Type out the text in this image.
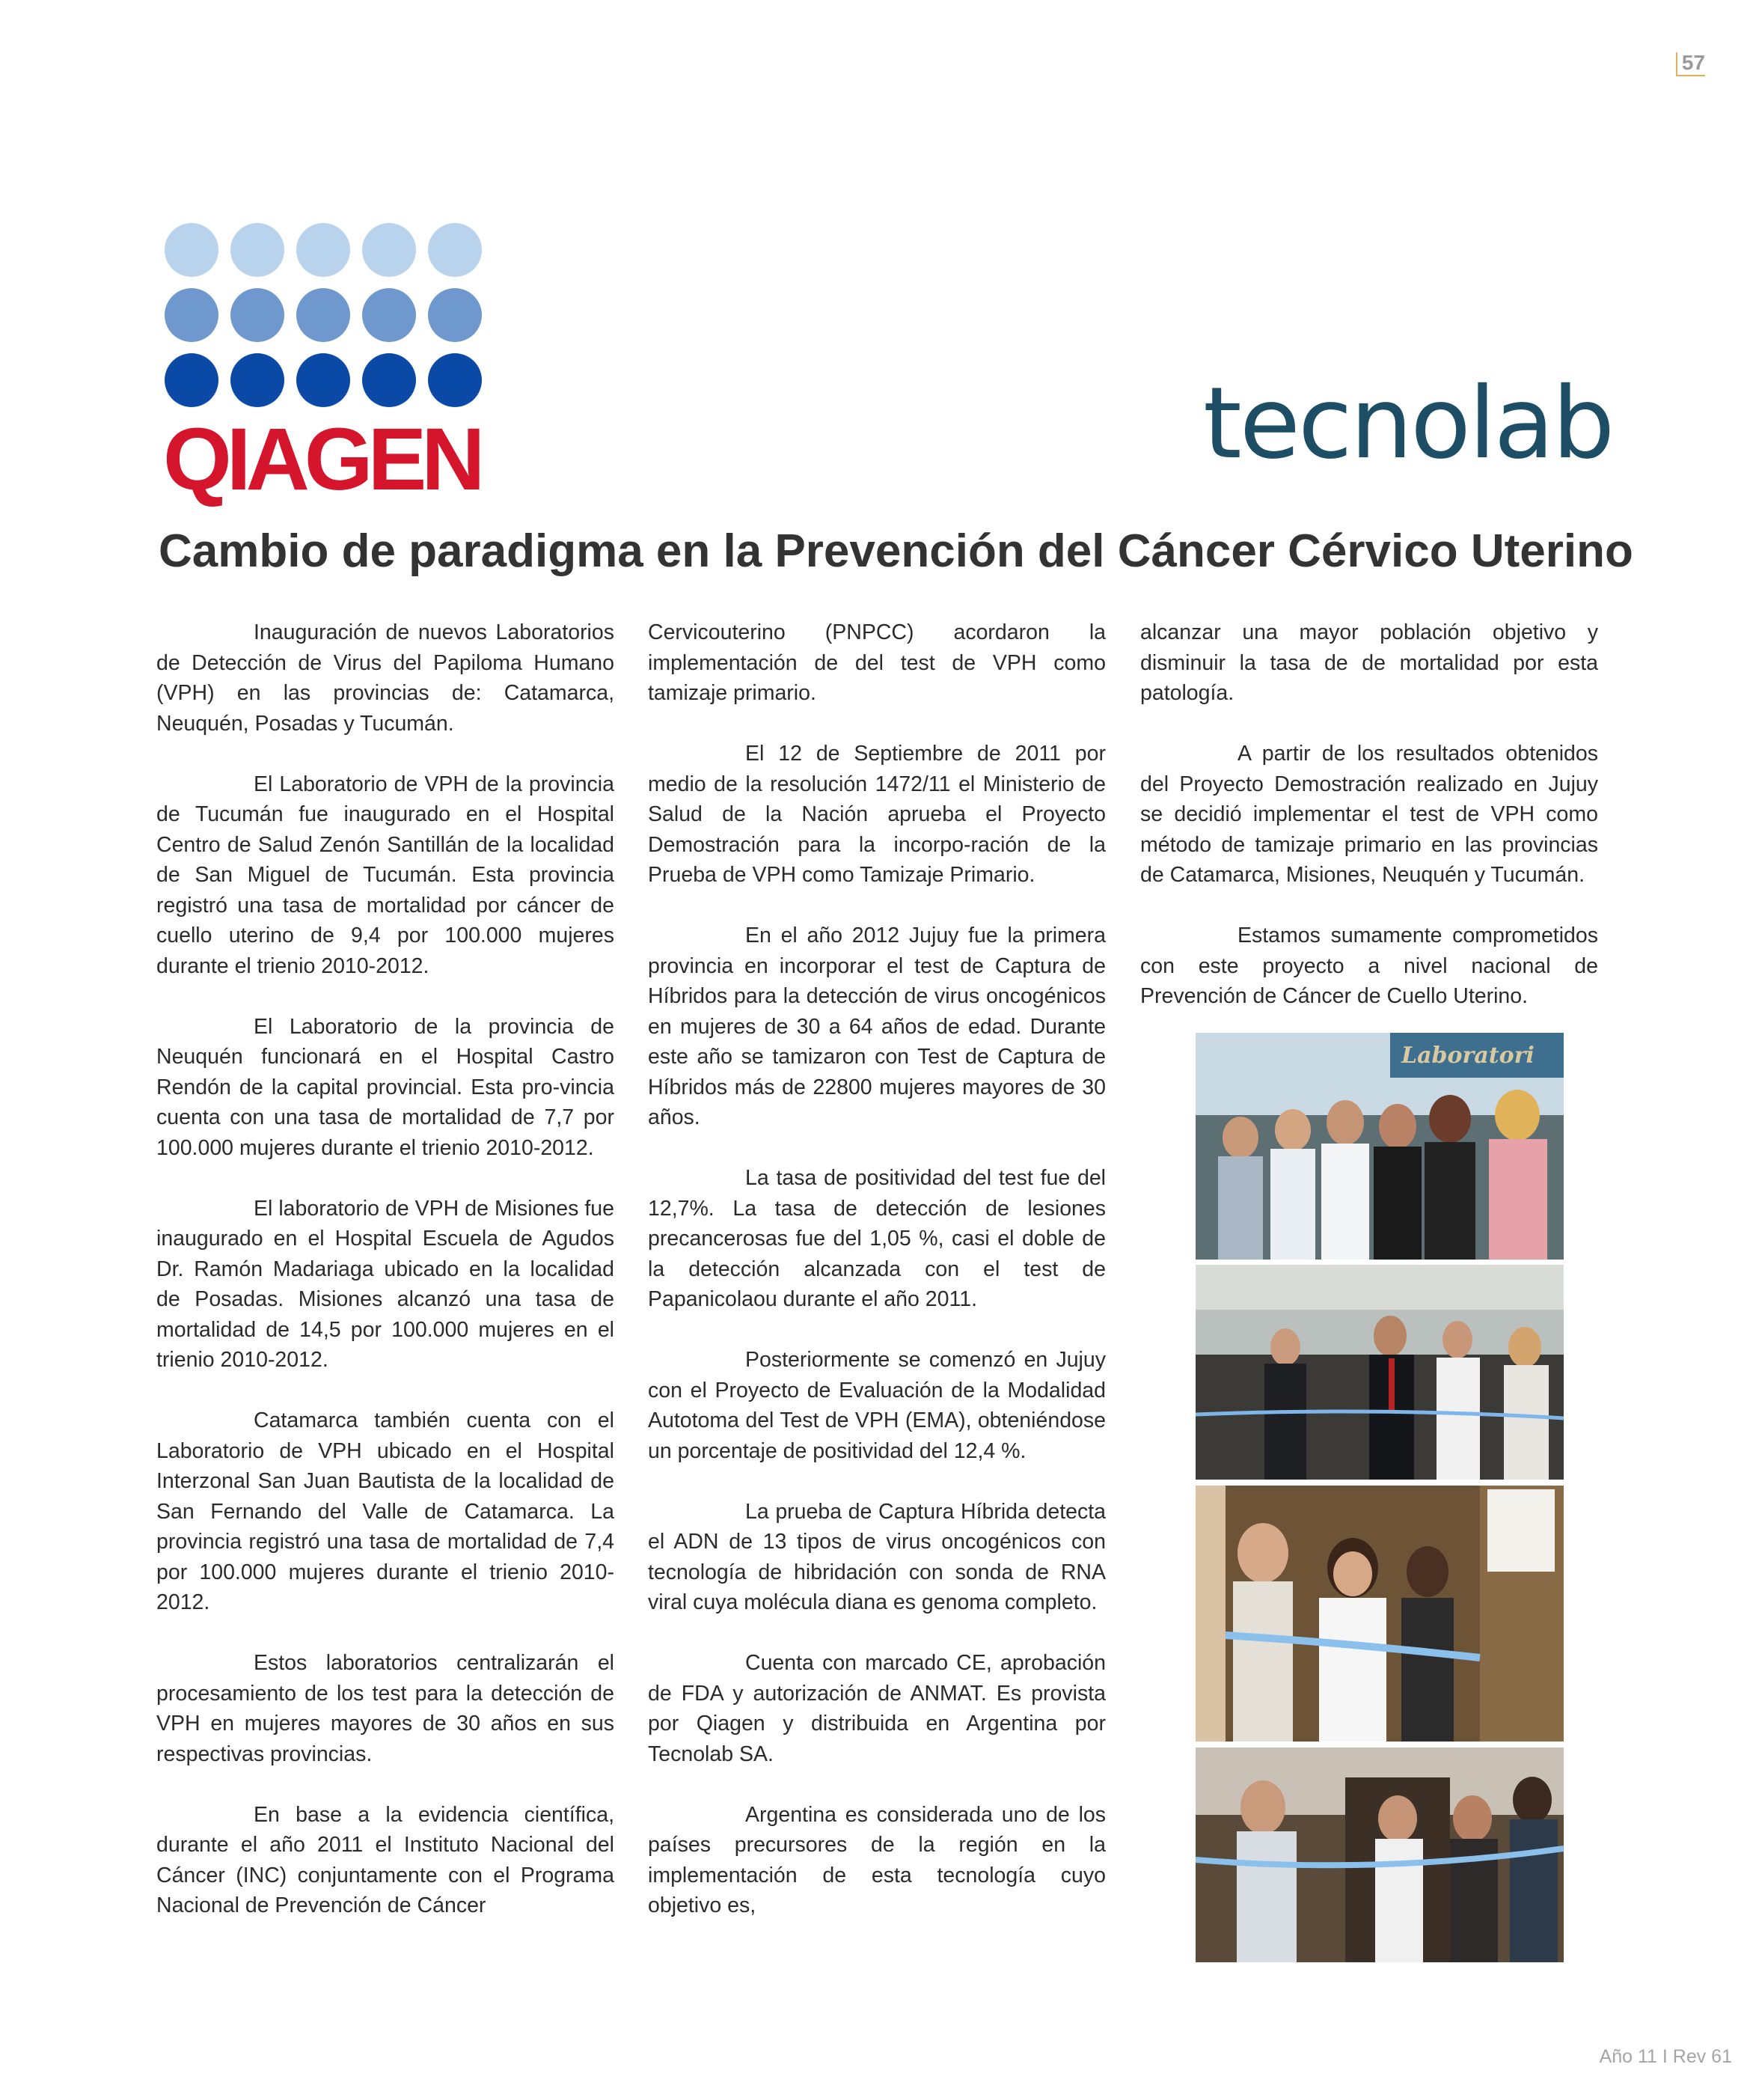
57
QIAGEN	tecnolab
Cambio de paradigma en la Prevención del Cáncer Cérvico Uterino

Inauguración de nuevos Laboratorios de Detección de Virus del Papiloma Humano (VPH) en las provincias de: Catamarca, Neuquén, Posadas y Tucumán.

El Laboratorio de VPH de la provincia de Tucumán fue inaugurado en el Hospital Centro de Salud Zenón Santillán de la localidad de San Miguel de Tucumán. Esta provincia registró una tasa de mortalidad por cáncer de cuello uterino de 9,4 por 100.000 mujeres durante el trienio 2010-2012.

El Laboratorio de la provincia de Neuquén funcionará en el Hospital Castro Rendón de la capital provincial. Esta pro-vincia cuenta con una tasa de mortalidad de 7,7 por 100.000 mujeres durante el trienio 2010-2012.

El laboratorio de VPH de Misiones fue inaugurado en el Hospital Escuela de Agudos Dr. Ramón Madariaga ubicado en la localidad de Posadas. Misiones alcanzó una tasa de mortalidad de 14,5 por 100.000 mujeres en el trienio 2010-2012.

Catamarca también cuenta con el Laboratorio de VPH ubicado en el Hospital Interzonal San Juan Bautista de la localidad de San Fernando del Valle de Catamarca. La provincia registró una tasa de mortalidad de 7,4 por 100.000 mujeres durante el trienio 2010-2012.

Estos laboratorios centralizarán el procesamiento de los test para la detección de VPH en mujeres mayores de 30 años en sus respectivas provincias.

En base a la evidencia científica, durante el año 2011 el Instituto Nacional del Cáncer (INC) conjuntamente con el Programa Nacional de Prevención de Cáncer

Cervicouterino (PNPCC) acordaron la implementación de del test de VPH como tamizaje primario.

El 12 de Septiembre de 2011 por medio de la resolución 1472/11 el Ministerio de Salud de la Nación aprueba el Proyecto Demostración para la incorpo-ración de la Prueba de VPH como Tamizaje Primario.

En el año 2012 Jujuy fue la primera provincia en incorporar el test de Captura de Híbridos para la detección de virus oncogénicos en mujeres de 30 a 64 años de edad. Durante este año se tamizaron con Test de Captura de Híbridos más de 22800 mujeres mayores de 30 años.

La tasa de positividad del test fue del 12,7%. La tasa de detección de lesiones precancerosas fue del 1,05 %, casi el doble de la detección alcanzada con el test de Papanicolaou durante el año 2011.

Posteriormente se comenzó en Jujuy con el Proyecto de Evaluación de la Modalidad Autotoma del Test de VPH (EMA), obteniéndose un porcentaje de positividad del 12,4 %.

La prueba de Captura Híbrida detecta el ADN de 13 tipos de virus oncogénicos con tecnología de hibridación con sonda de RNA viral cuya molécula diana es genoma completo.

Cuenta con marcado CE, aprobación de FDA y autorización de ANMAT. Es provista por Qiagen y distribuida en Argentina por Tecnolab SA.

Argentina es considerada uno de los países precursores de la región en la implementación de esta tecnología cuyo objetivo es,

alcanzar una mayor población objetivo y disminuir la tasa de de mortalidad por esta patología.

A partir de los resultados obtenidos del Proyecto Demostración realizado en Jujuy se decidió implementar el test de VPH como método de tamizaje primario en las provincias de Catamarca, Misiones, Neuquén y Tucumán.

Estamos sumamente comprometidos con este proyecto a nivel nacional de Prevención de Cáncer de Cuello Uterino.

Laboratori
Año 11 I Rev 61
